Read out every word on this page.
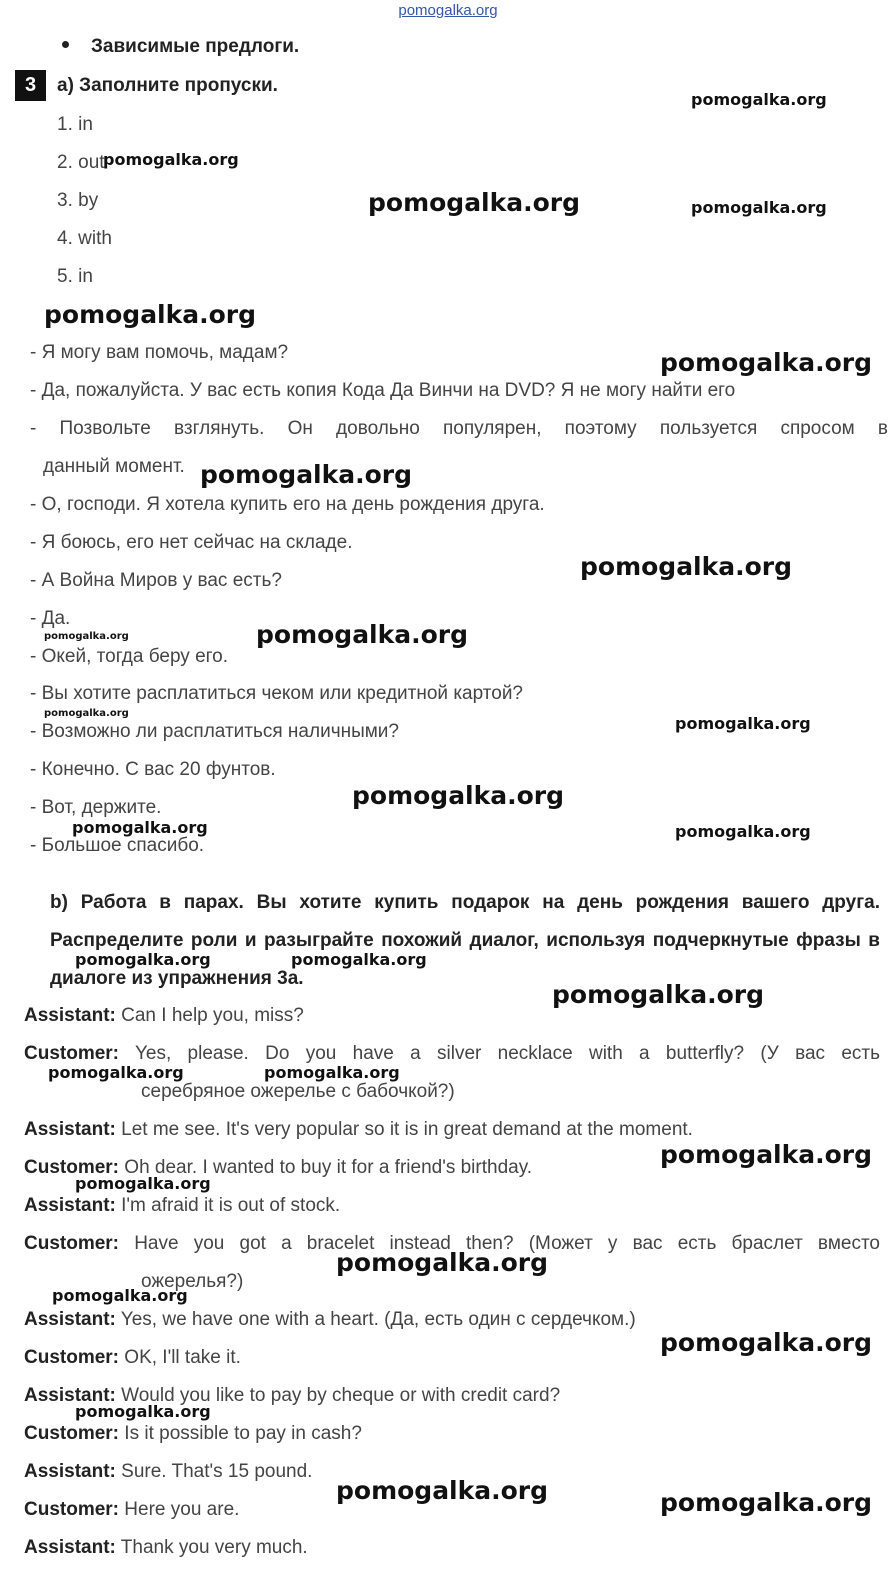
pomogalka.org
Зависимые предлоги.
3	a) Заполните пропуски.
1. in
2. out
3. by
4. with
5. in
- Я могу вам помочь, мадам?
- Да, пожалуйста. У вас есть копия Кода Да Винчи на DVD? Я не могу найти его
- Позвольте взглянуть. Он довольно популярен, поэтому пользуется спросом в
данный момент.
- О, господи. Я хотела купить его на день рождения друга.
- Я боюсь, его нет сейчас на складе.
- А Война Миров у вас есть?
- Да.
- Окей, тогда беру его.
- Вы хотите расплатиться чеком или кредитной картой?
- Возможно ли расплатиться наличными?
- Конечно. С вас 20 фунтов.
- Вот, держите.
- Большое спасибо.
b) Работа в парах. Вы хотите купить подарок на день рождения вашего друга. Распределите роли и разыграйте похожий диалог, используя подчеркнутые фразы в диалоге из упражнения 3а.
Assistant: Can I help you, miss?
Customer: Yes, please. Do you have a silver necklace with a butterfly? (У вас есть
серебряное ожерелье с бабочкой?)
Assistant: Let me see. It's very popular so it is in great demand at the moment.
Customer: Oh dear. I wanted to buy it for a friend's birthday.
Assistant: I'm afraid it is out of stock.
Customer: Have you got a bracelet instead then? (Может у вас есть браслет вместо
ожерелья?)
Assistant: Yes, we have one with a heart. (Да, есть один с сердечком.)
Customer: OK, I'll take it.
Assistant: Would you like to pay by cheque or with credit card?
Customer: Is it possible to pay in cash?
Assistant: Sure. That's 15 pound.
Customer: Here you are.
Assistant: Thank you very much.
pomogalka.org
pomogalka.org
pomogalka.org	pomogalka.org
pomogalka.org
pomogalka.org
pomogalka.org
pomogalka.org
pomogalka.org	pomogalka.org
pomogalka.org
pomogalka.org
pomogalka.org
pomogalka.org	pomogalka.org
pomogalka.org	pomogalka.org
pomogalka.org
pomogalka.org	pomogalka.org
pomogalka.org
pomogalka.org
pomogalka.org
pomogalka.org
pomogalka.org
pomogalka.org
pomogalka.org	pomogalka.org
